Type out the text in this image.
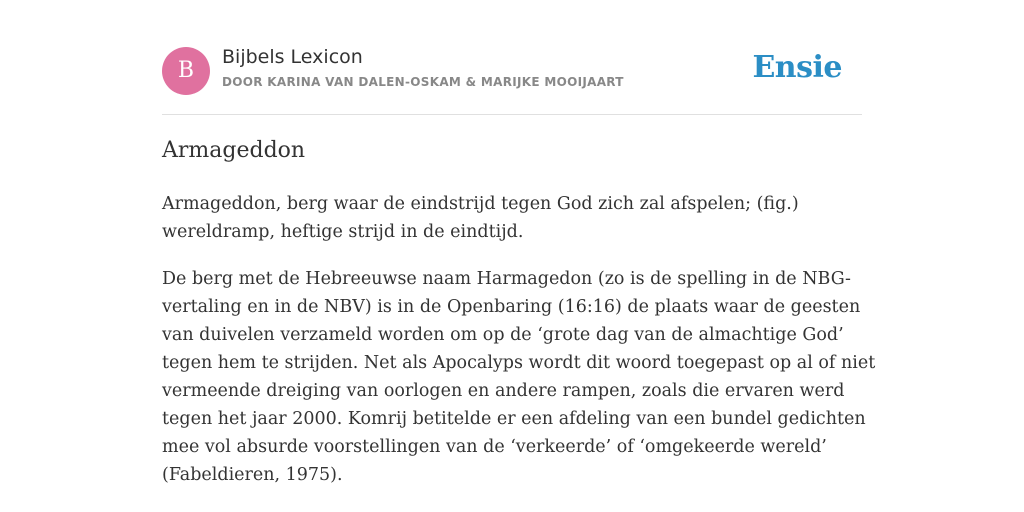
B
Bijbels Lexicon
DOOR KARINA VAN DALEN-OSKAM & MARIJKE MOOIJAART	Ensie
Armageddon

Armageddon, berg waar de eindstrijd tegen God zich zal afspelen; (fig.)
wereldramp, heftige strijd in de eindtijd.

De berg met de Hebreeuwse naam Harmagedon (zo is de spelling in de NBG-
vertaling en in de NBV) is in de Openbaring (16:16) de plaats waar de geesten
van duivelen verzameld worden om op de ‘grote dag van de almachtige God’
tegen hem te strijden. Net als Apocalyps wordt dit woord toegepast op al of niet
vermeende dreiging van oorlogen en andere rampen, zoals die ervaren werd
tegen het jaar 2000. Komrij betitelde er een afdeling van een bundel gedichten
mee vol absurde voorstellingen van de ‘verkeerde’ of ‘omgekeerde wereld’
(Fabeldieren, 1975).
